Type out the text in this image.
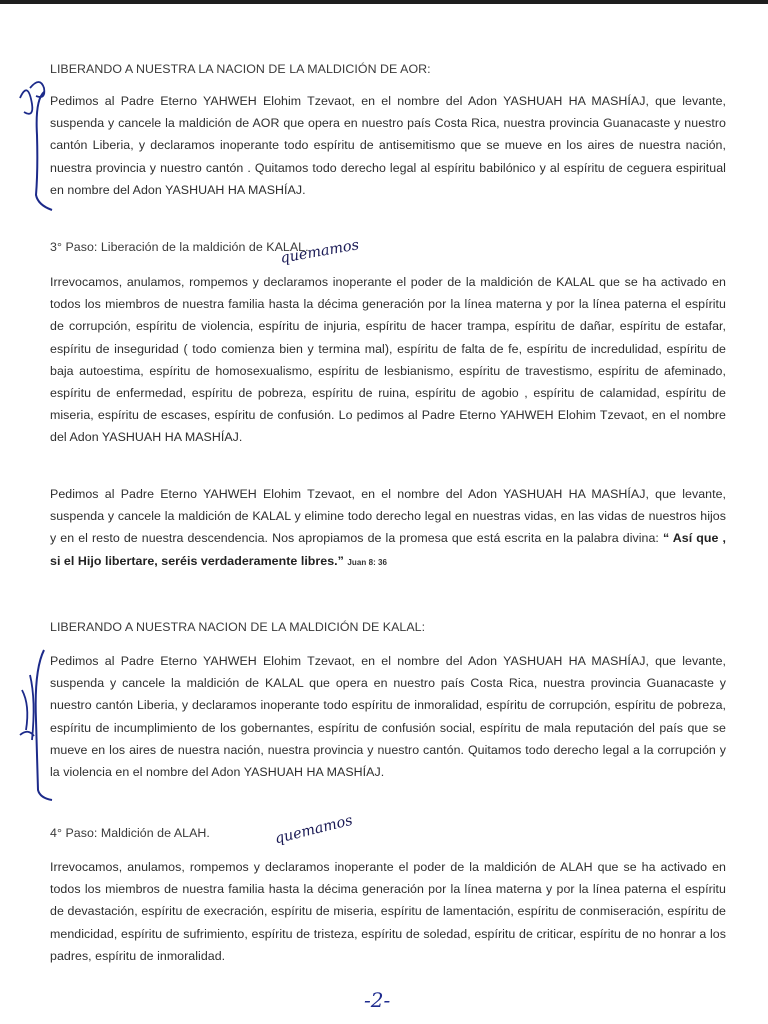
LIBERANDO A NUESTRA LA NACION DE LA MALDICIÓN DE AOR:
Pedimos al Padre Eterno YAHWEH Elohim Tzevaot, en el nombre del Adon YASHUAH HA MASHÍAJ, que levante, suspenda y cancele la maldición de AOR que opera en nuestro país Costa Rica, nuestra provincia Guanacaste y nuestro cantón Liberia, y declaramos inoperante todo espíritu de antisemitismo que se mueve en los aires de nuestra nación, nuestra provincia y nuestro cantón . Quitamos todo derecho legal al espíritu babilónico y al espíritu de ceguera espiritual en nombre del Adon YASHUAH HA MASHÍAJ.
3° Paso: Liberación de la maldición de KALAL.
Irrevocamos, anulamos, rompemos y declaramos inoperante el poder de la maldición de KALAL que se ha activado en todos los miembros de nuestra familia hasta la décima generación por la línea materna y por la línea paterna el espíritu de corrupción, espíritu de violencia, espíritu de injuria, espíritu de hacer trampa, espíritu de dañar, espíritu de estafar, espíritu de inseguridad ( todo comienza bien y termina mal), espíritu de falta de fe, espíritu de incredulidad, espíritu de baja autoestima, espíritu de homosexualismo, espíritu de lesbianismo, espíritu de travestismo, espíritu de afeminado, espíritu de enfermedad, espíritu de pobreza, espíritu de ruina, espíritu de agobio , espíritu de calamidad, espíritu de miseria, espíritu de escases, espíritu de confusión. Lo pedimos al Padre Eterno YAHWEH Elohim Tzevaot, en el nombre del Adon YASHUAH HA MASHÍAJ.
Pedimos al Padre Eterno YAHWEH Elohim Tzevaot, en el nombre del Adon YASHUAH HA MASHÍAJ, que levante, suspenda y cancele la maldición de KALAL y elimine todo derecho legal en nuestras vidas, en las vidas de nuestros hijos y en el resto de nuestra descendencia. Nos apropiamos de la promesa que está escrita en la palabra divina: “ Así que , si el Hijo libertare, seréis verdaderamente libres.” Juan 8: 36
LIBERANDO A NUESTRA NACION DE LA MALDICIÓN DE KALAL:
Pedimos al Padre Eterno YAHWEH Elohim Tzevaot, en el nombre del Adon YASHUAH HA MASHÍAJ, que levante, suspenda y cancele la maldición de KALAL que opera en nuestro país Costa Rica, nuestra provincia Guanacaste y nuestro cantón Liberia, y declaramos inoperante todo espíritu de inmoralidad, espíritu de corrupción, espíritu de pobreza, espíritu de incumplimiento de los gobernantes, espíritu de confusión social, espíritu de mala reputación del país que se mueve en los aires de nuestra nación, nuestra provincia y nuestro cantón. Quitamos todo derecho legal a la corrupción y la violencia en el nombre del Adon YASHUAH HA MASHÍAJ.
4° Paso: Maldición de ALAH.
Irrevocamos, anulamos, rompemos y declaramos inoperante el poder de la maldición de ALAH que se ha activado en todos los miembros de nuestra familia hasta la décima generación por la línea materna y por la línea paterna el espíritu de devastación, espíritu de execración, espíritu de miseria, espíritu de lamentación, espíritu de conmiseración, espíritu de mendicidad, espíritu de sufrimiento, espíritu de tristeza, espíritu de soledad, espíritu de criticar, espíritu de no honrar a los padres, espíritu de inmoralidad.
quemamos
quemamos
-2-
